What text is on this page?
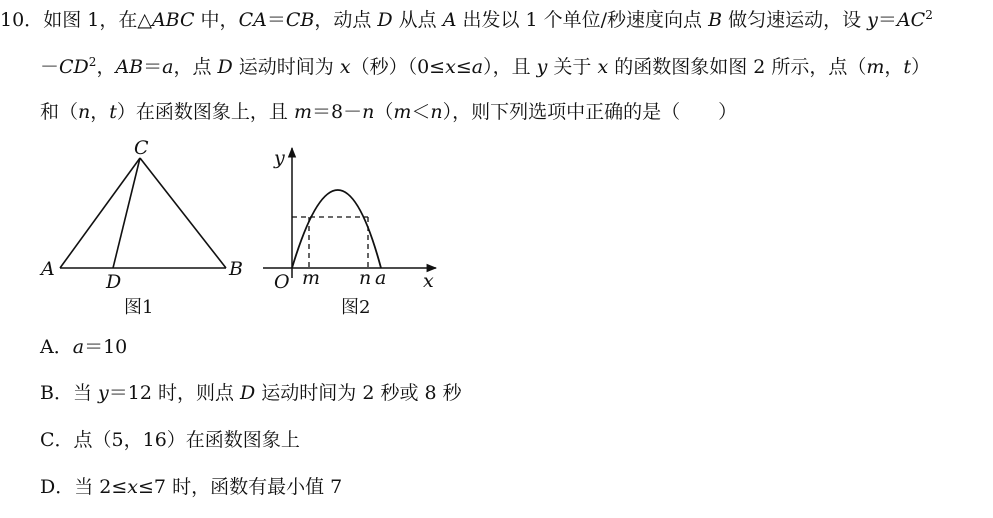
10．如图 1，在△ABC 中，CA＝CB，动点 D 从点 A 出发以 1 个单位/秒速度向点 B 做匀速运动，设 $y=AC^2$
$-CD^2$，AB＝a，点 D 运动时间为 x（秒）（0≤x≤a），且 y 关于 x 的函数图象如图 2 所示，点（m，t）
和（n，t）在函数图象上，且 m＝8－n（m＜n），则下列选项中正确的是（　　）
C
A	B
D
图1
y
x
O m n a
图2
A．a＝10
B．当 y＝12 时，则点 D 运动时间为 2 秒或 8 秒
C．点（5，16）在函数图象上
D．当 2≤x≤7 时，函数有最小值 7
